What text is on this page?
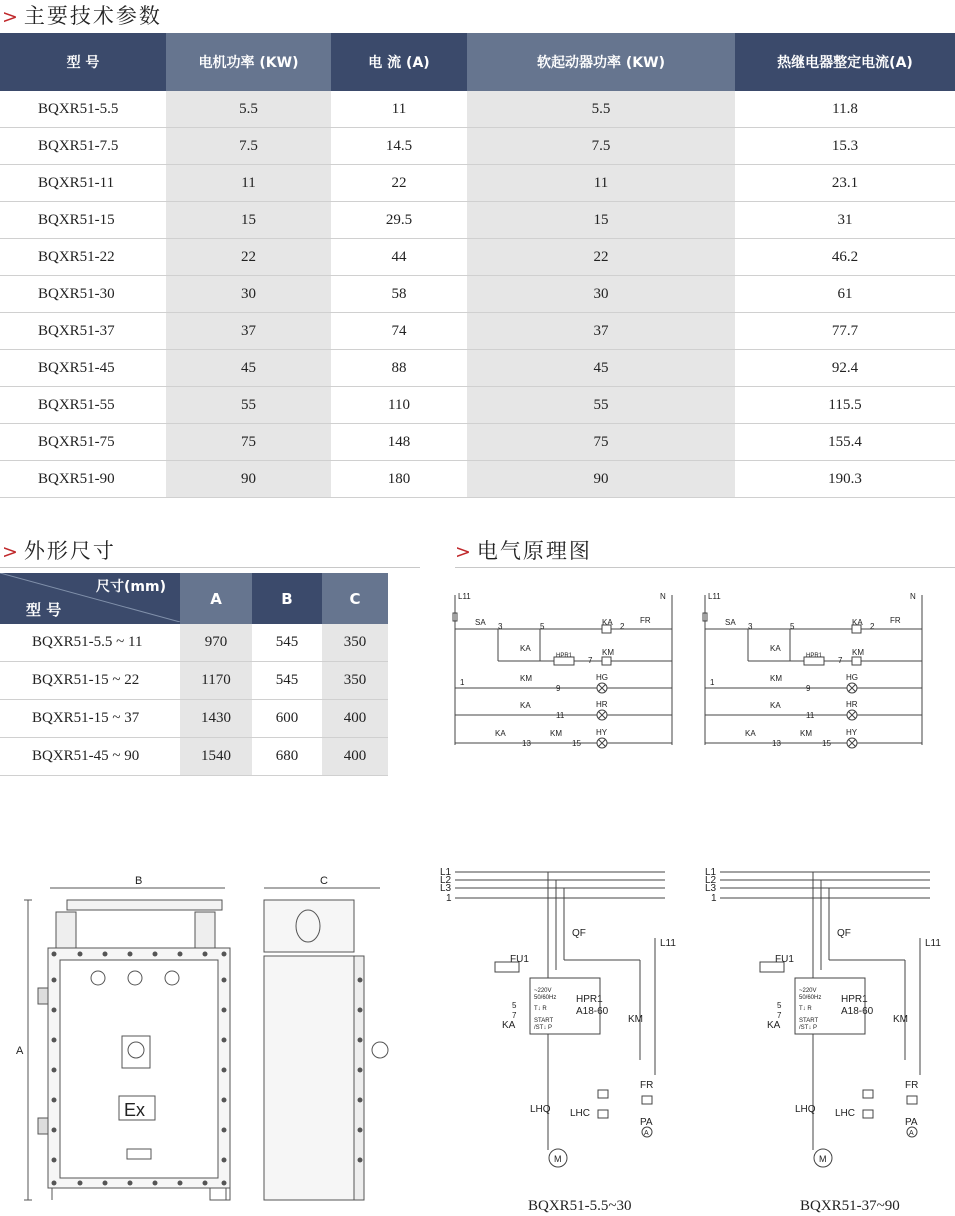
> 主要技术参数
型 号	电机功率 (KW)	电 流 (A)	软起动器功率 (KW)	热继电器整定电流(A)
BQXR51-5.5	5.5	11	5.5	11.8
BQXR51-7.5	7.5	14.5	7.5	15.3
BQXR51-11	11	22	11	23.1
BQXR51-15	15	29.5	15	31
BQXR51-22	22	44	22	46.2
BQXR51-30	30	58	30	61
BQXR51-37	37	74	37	77.7
BQXR51-45	45	88	45	92.4
BQXR51-55	55	110	55	115.5
BQXR51-75	75	148	75	155.4
BQXR51-90	90	180	90	190.3
> 外形尺寸	> 电气原理图
尺寸(mm)
型 号	A	B	C
BQXR51-5.5 ~ 11	970	545	350
BQXR51-15 ~ 22	1170	545	350
BQXR51-15 ~ 37	1430	600	400
BQXR51-45 ~ 90	1540	680	400
B
A
C
Ex
BQXR51-5.5~30	BQXR51-37~90
